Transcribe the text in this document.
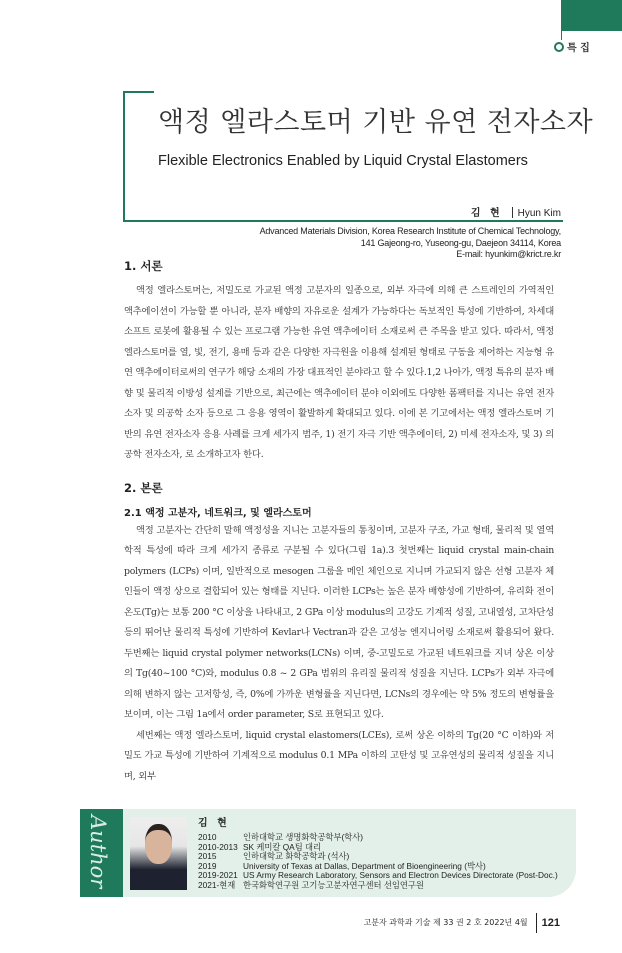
특 집
액정 엘라스토머 기반 유연 전자소자
Flexible Electronics Enabled by Liquid Crystal Elastomers
김 현 Hyun Kim
Advanced Materials Division, Korea Research Institute of Chemical Technology,
141 Gajeong-ro, Yuseong-gu, Daejeon 34114, Korea
E-mail: hyunkim@krict.re.kr
1. 서론

액정 엘라스토머는, 저밀도로 가교된 액정 고분자의 일종으로, 외부 자극에 의해 큰 스트레인의 가역적인 액추에이션이 가능할 뿐 아니라, 분자 배향의 자유로운 설계가 가능하다는 독보적인 특성에 기반하여, 차세대 소프트 로봇에 활용될 수 있는 프로그램 가능한 유연 액추에이터 소재로써 큰 주목을 받고 있다. 따라서, 액정 엘라스토머를 열, 빛, 전기, 용매 등과 같은 다양한 자극원을 이용해 설계된 형태로 구동을 제어하는 지능형 유연 액추에이터로써의 연구가 해당 소재의 가장 대표적인 분야라고 할 수 있다.1,2 나아가, 액정 특유의 분자 배향 및 물리적 이방성 설계를 기반으로, 최근에는 액추에이터 분야 이외에도 다양한 폼팩터를 지니는 유연 전자소자 및 의공학 소자 등으로 그 응용 영역이 활발하게 확대되고 있다. 이에 본 기고에서는 액정 엘라스토머 기반의 유연 전자소자 응용 사례를 크게 세가지 범주, 1) 전기 자극 기반 액추에이터, 2) 미세 전자소자, 및 3) 의공학 전자소자, 로 소개하고자 한다.

2. 본론
2.1 액정 고분자, 네트워크, 및 엘라스토머

액정 고분자는 간단히 말해 액정성을 지니는 고분자들의 통칭이며, 고분자 구조, 가교 형태, 물리적 및 열역학적 특성에 따라 크게 세가지 종류로 구분될 수 있다(그림 1a).3 첫번째는 liquid crystal main-chain polymers (LCPs) 이며, 일반적으로 mesogen 그룹을 메인 체인으로 지니며 가교되지 않은 선형 고분자 체인들이 액정 상으로 결합되어 있는 형태를 지닌다. 이러한 LCPs는 높은 분자 배향성에 기반하여, 유리화 전이 온도(Tg)는 보통 200 °C 이상을 나타내고, 2 GPa 이상 modulus의 고강도 기계적 성질, 고내열성, 고차단성 등의 뛰어난 물리적 특성에 기반하여 Kevlar나 Vectran과 같은 고성능 엔지니어링 소재로써 활용되어 왔다. 두번째는 liquid crystal polymer networks(LCNs) 이며, 중-고밀도로 가교된 네트워크를 지녀 상온 이상의 Tg(40~100 °C)와, modulus 0.8 ~ 2 GPa 범위의 유리질 물리적 성질을 지닌다. LCPs가 외부 자극에 의해 변하지 않는 고저항성, 즉, 0%에 가까운 변형률을 지닌다면, LCNs의 경우에는 약 5% 정도의 변형률을 보이며, 이는 그림 1a에서 order parameter, S로 표현되고 있다.

세번째는 액정 엘라스토머, liquid crystal elastomers(LCEs), 로써 상온 이하의 Tg(20 °C 이하)와 저밀도 가교 특성에 기반하여 기계적으로 modulus 0.1 MPa 이하의 고탄성 및 고유연성의 물리적 성질을 지니며, 외부

Author	김 현
2010	인하대학교 생명화학공학부(학사)
2010-2013 SK 케미칼 QA팀 대리
2015	인하대학교 화학공학과 (석사)
2019	University of Texas at Dallas, Department of Bioengineering (박사)
2019-2021 US Army Research Laboratory, Sensors and Electron Devices Directorate (Post-Doc.)
2021-현재 한국화학연구원 고기능고분자연구센터 선임연구원
고분자 과학과 기술 제 33 권 2 호 2022년 4월 121
